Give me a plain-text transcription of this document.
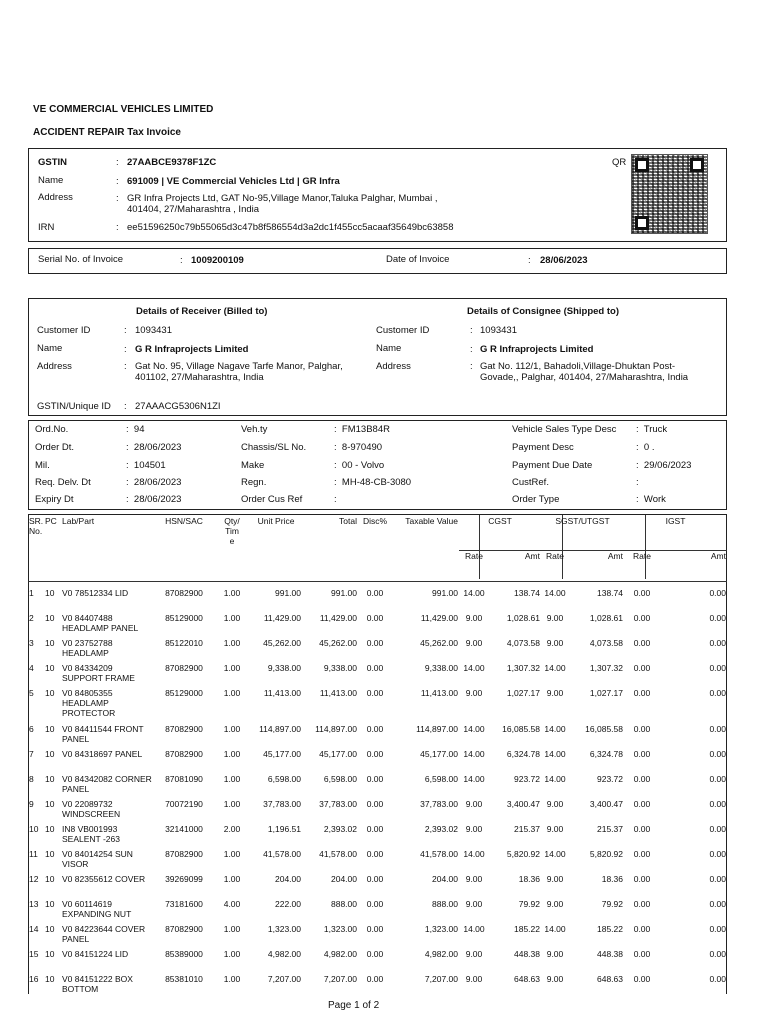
VE COMMERCIAL VEHICLES LIMITED
ACCIDENT REPAIR Tax Invoice
GSTIN	: 27AABCE9378F1ZC
Name	: 691009 | VE Commercial Vehicles Ltd | GR Infra
Address	: GR Infra Projects Ltd, GAT No-95,Village Manor,Taluka Palghar, Mumbai , 401404, 27/Maharashtra , India
IRN	: ee51596250c79b55065d3c47b8f586554d3a2dc1f455cc5acaaf35649bc63858
QR
Serial No. of Invoice	: 1009200109	Date of Invoice	: 28/06/2023
Details of Receiver (Billed to)	Details of Consignee (Shipped to)
Customer ID	: 1093431
Name	: G R Infraprojects Limited
Address	: Gat No. 95, Village Nagave Tarfe Manor, Palghar, 401102, 27/Maharashtra, India
GSTIN/Unique ID : 27AAACG5306N1ZI
Customer ID	: 1093431
Name	: G R Infraprojects Limited
Address	: Gat No. 112/1, Bahadoli,Village-Dhuktan Post-Govade,, Palghar, 401404, 27/Maharashtra, India
Ord.No.	:  94
Order Dt.	:  28/06/2023
Mil.	:  104501
Req. Delv. Dt	:  28/06/2023
Expiry Dt	:  28/06/2023
Veh.ty	:  FM13B84R
Chassis/SL No.	:  8-970490
Make	:  00 - Volvo
Regn.	:  MH-48-CB-3080
Order Cus Ref	:
Vehicle Sales Type Desc :  Truck
Payment Desc	:  0 .
Payment Due Date	:  29/06/2023
CustRef.	:
Order Type	:  Work
SR. No.	PC	Lab/Part	HSN/SAC	Qty/ Tim e	Unit Price	Total	Disc%	Taxable Value	CGST		SGST/UTGST		IGST	
									Rate	Amt	Rate	Amt	Rate	Amt

1	10	V0 78512334 LID	87082900	1.00	991.00	991.00	0.00	991.00	14.00	138.74	14.00	138.74	0.00	0.00
2	10	V0 84407488 HEADLAMP PANEL	85129000	1.00	11,429.00	11,429.00	0.00	11,429.00	9.00	1,028.61	9.00	1,028.61	0.00	0.00
3	10	V0 23752788 HEADLAMP	85122010	1.00	45,262.00	45,262.00	0.00	45,262.00	9.00	4,073.58	9.00	4,073.58	0.00	0.00
4	10	V0 84334209 SUPPORT FRAME	87082900	1.00	9,338.00	9,338.00	0.00	9,338.00	14.00	1,307.32	14.00	1,307.32	0.00	0.00
5	10	V0 84805355 HEADLAMP PROTECTOR	85129000	1.00	11,413.00	11,413.00	0.00	11,413.00	9.00	1,027.17	9.00	1,027.17	0.00	0.00
6	10	V0 84411544 FRONT PANEL	87082900	1.00	114,897.00	114,897.00	0.00	114,897.00	14.00	16,085.58	14.00	16,085.58	0.00	0.00
7	10	V0 84318697 PANEL	87082900	1.00	45,177.00	45,177.00	0.00	45,177.00	14.00	6,324.78	14.00	6,324.78	0.00	0.00
8	10	V0 84342082 CORNER PANEL	87081090	1.00	6,598.00	6,598.00	0.00	6,598.00	14.00	923.72	14.00	923.72	0.00	0.00
9	10	V0 22089732 WINDSCREEN	70072190	1.00	37,783.00	37,783.00	0.00	37,783.00	9.00	3,400.47	9.00	3,400.47	0.00	0.00
10	10	IN8 VB001993 SEALENT -263	32141000	2.00	1,196.51	2,393.02	0.00	2,393.02	9.00	215.37	9.00	215.37	0.00	0.00
11	10	V0 84014254 SUN VISOR	87082900	1.00	41,578.00	41,578.00	0.00	41,578.00	14.00	5,820.92	14.00	5,820.92	0.00	0.00
12	10	V0 82355612 COVER	39269099	1.00	204.00	204.00	0.00	204.00	9.00	18.36	9.00	18.36	0.00	0.00
13	10	V0 60114619 EXPANDING NUT	73181600	4.00	222.00	888.00	0.00	888.00	9.00	79.92	9.00	79.92	0.00	0.00
14	10	V0 84223644 COVER PANEL	87082900	1.00	1,323.00	1,323.00	0.00	1,323.00	14.00	185.22	14.00	185.22	0.00	0.00
15	10	V0 84151224 LID	85389000	1.00	4,982.00	4,982.00	0.00	4,982.00	9.00	448.38	9.00	448.38	0.00	0.00
16	10	V0 84151222 BOX BOTTOM	85381010	1.00	7,207.00	7,207.00	0.00	7,207.00	9.00	648.63	9.00	648.63	0.00	0.00
Page 1 of 2
